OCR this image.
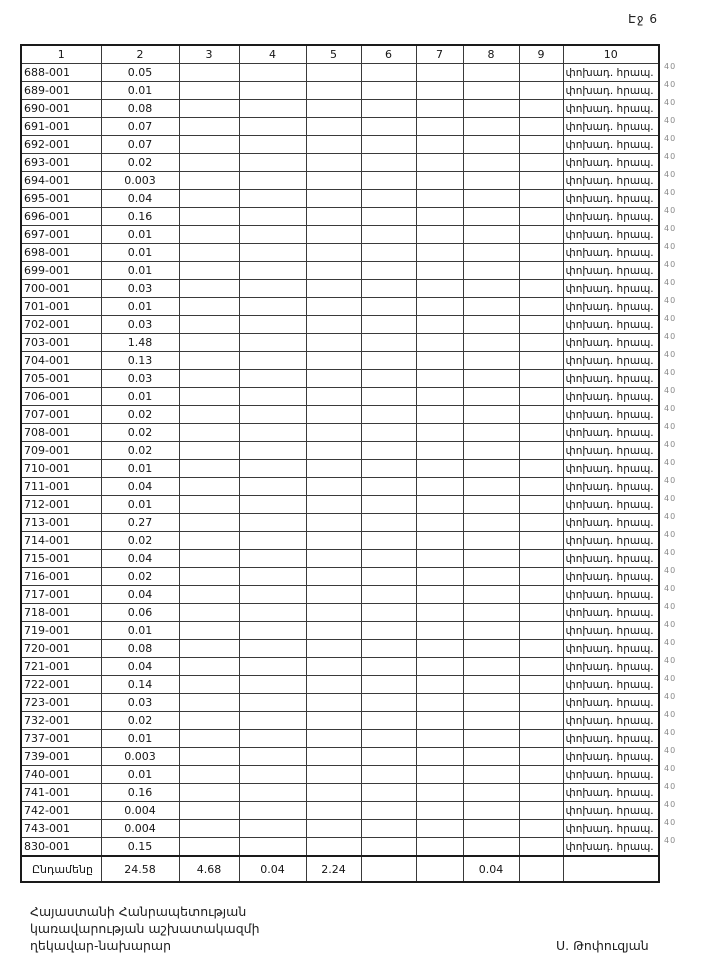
Էջ 6
1	2	3	4	5	6	7	8	9	10
688-001	0.05								փոխադ. հրապ.
689-001	0.01								փոխադ. հրապ.
690-001	0.08								փոխադ. հրապ.
691-001	0.07								փոխադ. հրապ.
692-001	0.07								փոխադ. հրապ.
693-001	0.02								փոխադ. հրապ.
694-001	0.003								փոխադ. հրապ.
695-001	0.04								փոխադ. հրապ.
696-001	0.16								փոխադ. հրապ.
697-001	0.01								փոխադ. հրապ.
698-001	0.01								փոխադ. հրապ.
699-001	0.01								փոխադ. հրապ.
700-001	0.03								փոխադ. հրապ.
701-001	0.01								փոխադ. հրապ.
702-001	0.03								փոխադ. հրապ.
703-001	1.48								փոխադ. հրապ.
704-001	0.13								փոխադ. հրապ.
705-001	0.03								փոխադ. հրապ.
706-001	0.01								փոխադ. հրապ.
707-001	0.02								փոխադ. հրապ.
708-001	0.02								փոխադ. հրապ.
709-001	0.02								փոխադ. հրապ.
710-001	0.01								փոխադ. հրապ.
711-001	0.04								փոխադ. հրապ.
712-001	0.01								փոխադ. հրապ.
713-001	0.27								փոխադ. հրապ.
714-001	0.02								փոխադ. հրապ.
715-001	0.04								փոխադ. հրապ.
716-001	0.02								փոխադ. հրապ.
717-001	0.04								փոխադ. հրապ.
718-001	0.06								փոխադ. հրապ.
719-001	0.01								փոխադ. հրապ.
720-001	0.08								փոխադ. հրապ.
721-001	0.04								փոխադ. հրապ.
722-001	0.14								փոխադ. հրապ.
723-001	0.03								փոխադ. հրապ.
732-001	0.02								փոխադ. հրապ.
737-001	0.01								փոխադ. հրապ.
739-001	0.003								փոխադ. հրապ.
740-001	0.01								փոխադ. հրապ.
741-001	0.16								փոխադ. հրապ.
742-001	0.004								փոխադ. հրապ.
743-001	0.004								փոխադ. հրապ.
830-001	0.15								փոխադ. հրապ.
Ընդամենը	24.58	4.68	0.04	2.24			0.04		
40
40
40
40
40
40
40
40
40
40
40
40
40
40
40
40
40
40
40
40
40
40
40
40
40
40
40
40
40
40
40
40
40
40
40
40
40
40
40
40
40
40
40
40
Հայաստանի Հանրապետության
կառավարության աշխատակազմի
ղեկավար-նախարար	Ս. Թոփուզյան
